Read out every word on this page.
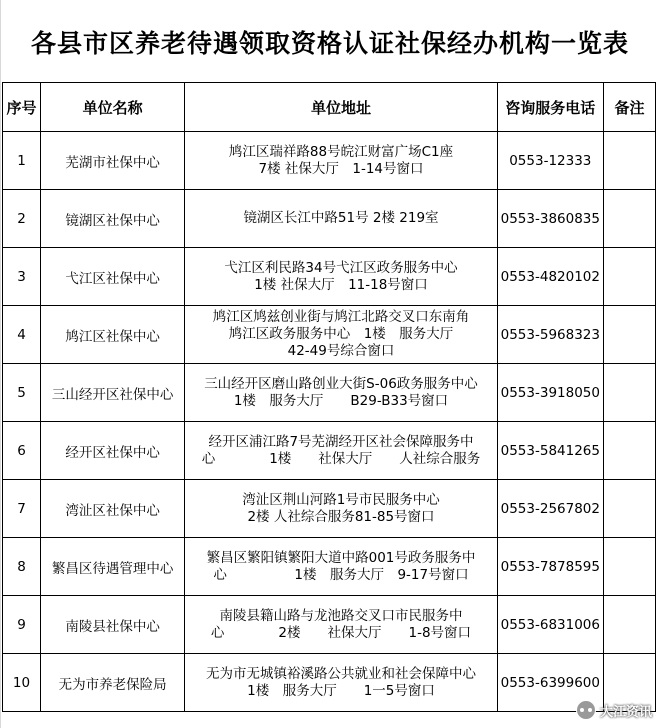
各县市区养老待遇领取资格认证社保经办机构一览表
序号	单位名称	单位地址	咨询服务电话	备注
1	芜湖市社保中心	鸠江区瑞祥路88号皖江财富广场C1座
7楼 社保大厅　1-14号窗口	0553-12333	
2	镜湖区社保中心	镜湖区长江中路51号 2楼 219室	0553-3860835	
3	弋江区社保中心	弋江区利民路34号弋江区政务服务中心
1楼 社保大厅　11-18号窗口	0553-4820102	
4	鸠江区社保中心	鸠江区鸠兹创业街与鸠江北路交叉口东南角
鸠江区政务服务中心　1楼　服务大厅
42-49号综合窗口	0553-5968323	
5	三山经开区社保中心	三山经开区磨山路创业大街S-06政务服务中心
1楼　服务大厅　　B29-B33号窗口	0553-3918050	
6	经开区社保中心	经开区浦江路7号芜湖经开区社会保障服务中
心　　　　1楼　　社保大厅　　人社综合服务	0553-5841265	
7	湾沚区社保中心	湾沚区荆山河路1号市民服务中心
2楼 人社综合服务81-85号窗口	0553-2567802	
8	繁昌区待遇管理中心	繁昌区繁阳镇繁阳大道中路001号政务服务中
心　　　　　1楼　服务大厅　9-17号窗口	0553-7878595	
9	南陵县社保中心	南陵县籍山路与龙池路交叉口市民服务中
心　　　　2楼　　社保大厅　　1-8号窗口	0553-6831006	
10	无为市养老保险局	无为市无城镇裕溪路公共就业和社会保障中心
1楼　服务大厅　　1一5号窗口	0553-6399600	
大江资讯
